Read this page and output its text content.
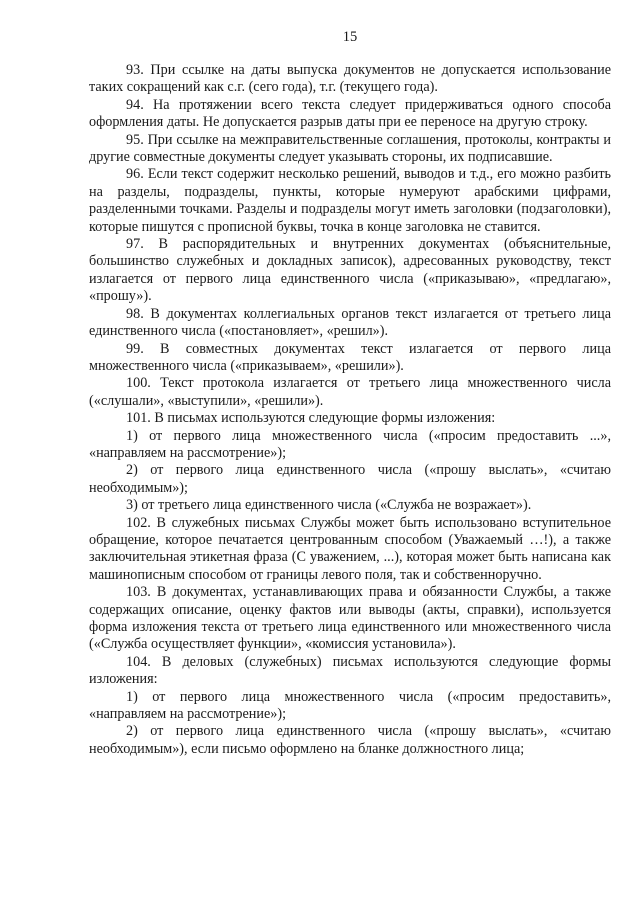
15

93. При ссылке на даты выпуска документов не допускается использование таких сокращений как с.г. (сего года), т.г. (текущего года).

94. На протяжении всего текста следует придерживаться одного способа оформления даты. Не допускается разрыв даты при ее переносе на другую строку.

95. При ссылке на межправительственные соглашения, протоколы, контракты и другие совместные документы следует указывать стороны, их подписавшие.

96. Если текст содержит несколько решений, выводов и т.д., его можно разбить на разделы, подразделы, пункты, которые нумеруют арабскими цифрами, разделенными точками. Разделы и подразделы могут иметь заголовки (подзаголовки), которые пишутся с прописной буквы, точка в конце заголовка не ставится.

97. В распорядительных и внутренних документах (объяснительные, большинство служебных и докладных записок), адресованных руководству, текст излагается от первого лица единственного числа («приказываю», «предлагаю», «прошу»).

98. В документах коллегиальных органов текст излагается от третьего лица единственного числа («постановляет», «решил»).

99. В совместных документах текст излагается от первого лица множественного числа («приказываем», «решили»).

100. Текст протокола излагается от третьего лица множественного числа («слушали», «выступили», «решили»).

101. В письмах используются следующие формы изложения:

1) от первого лица множественного числа («просим предоставить ...», «направляем на рассмотрение»);

2) от первого лица единственного числа («прошу выслать», «считаю необходимым»);

3) от третьего лица единственного числа («Служба не возражает»).

102. В служебных письмах Службы может быть использовано вступительное обращение, которое печатается центрованным способом (Уважаемый …!), а также заключительная этикетная фраза (С уважением, ...), которая может быть написана как машинописным способом от границы левого поля, так и собственноручно.

103. В документах, устанавливающих права и обязанности Службы, а также содержащих описание, оценку фактов или выводы (акты, справки), используется форма изложения текста от третьего лица единственного или множественного числа («Служба осуществляет функции», «комиссия установила»).

104. В деловых (служебных) письмах используются следующие формы изложения:

1) от первого лица множественного числа («просим предоставить», «направляем на рассмотрение»);

2) от первого лица единственного числа («прошу выслать», «считаю необходимым»), если письмо оформлено на бланке должностного лица;
